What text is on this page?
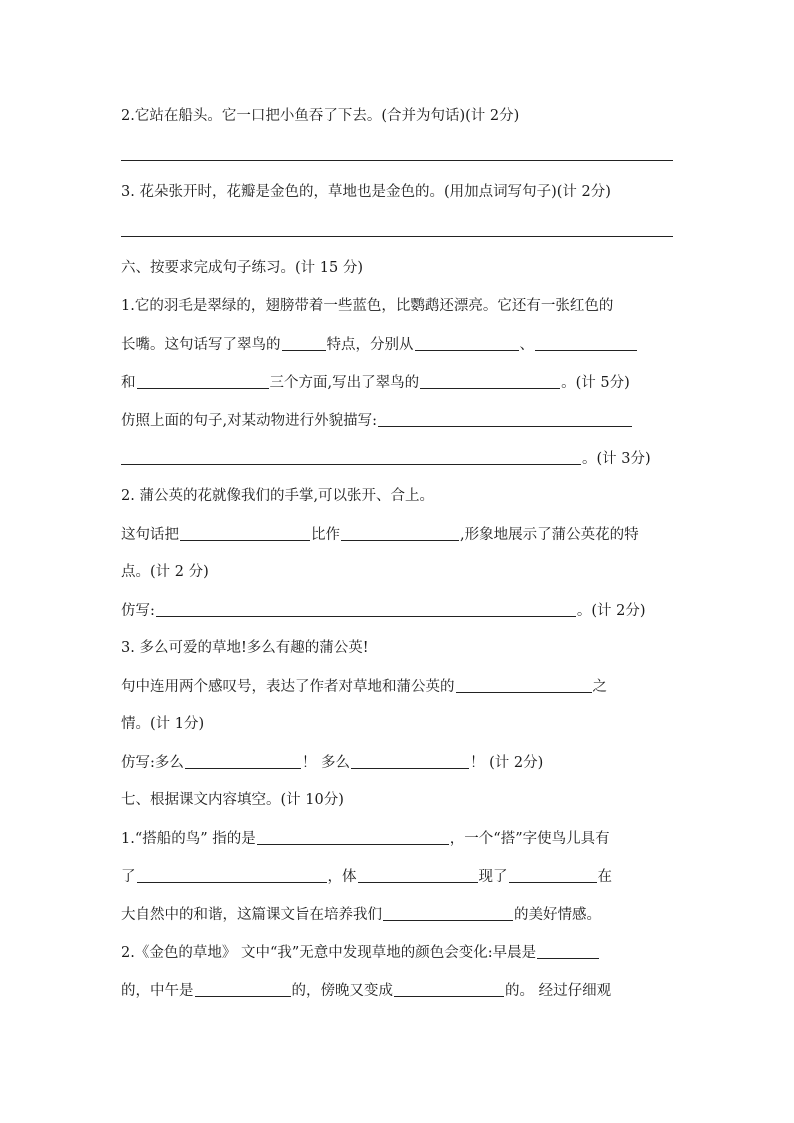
2.它站在船头。它一口把小鱼吞了下去。(合并为句话)(计 2分)
3. 花朵张开时，花瓣是金色的，草地也是金色的。(用加点词写句子)(计 2分)
六、按要求完成句子练习。(计 15 分)
1.它的羽毛是翠绿的，翅膀带着一些蓝色，比鹦鹉还漂亮。它还有一张红色的
长嘴。这句话写了翠鸟的	特点，分别从	、
和	三个方面,写出了翠鸟的	。(计 5分)
仿照上面的句子,对某动物进行外貌描写:
。(计 3分)
2. 蒲公英的花就像我们的手掌,可以张开、合上。
这句话把	比作	,形象地展示了蒲公英花的特
点。(计 2 分)
仿写:	。(计 2分)
3. 多么可爱的草地!多么有趣的蒲公英!
句中连用两个感叹号，表达了作者对草地和蒲公英的	之
情。(计 1分)
仿写:多么	！ 多么	！ (计 2分)
七、根据课文内容填空。(计 10分)
1.“搭船的鸟” 指的是	，一个“搭”字使鸟儿具有
了	，体	现了	在
大自然中的和谐，这篇课文旨在培养我们	的美好情感。
2.《金色的草地》 文中“我”无意中发现草地的颜色会变化:早晨是
的，中午是	的，傍晚又变成	的。 经过仔细观
